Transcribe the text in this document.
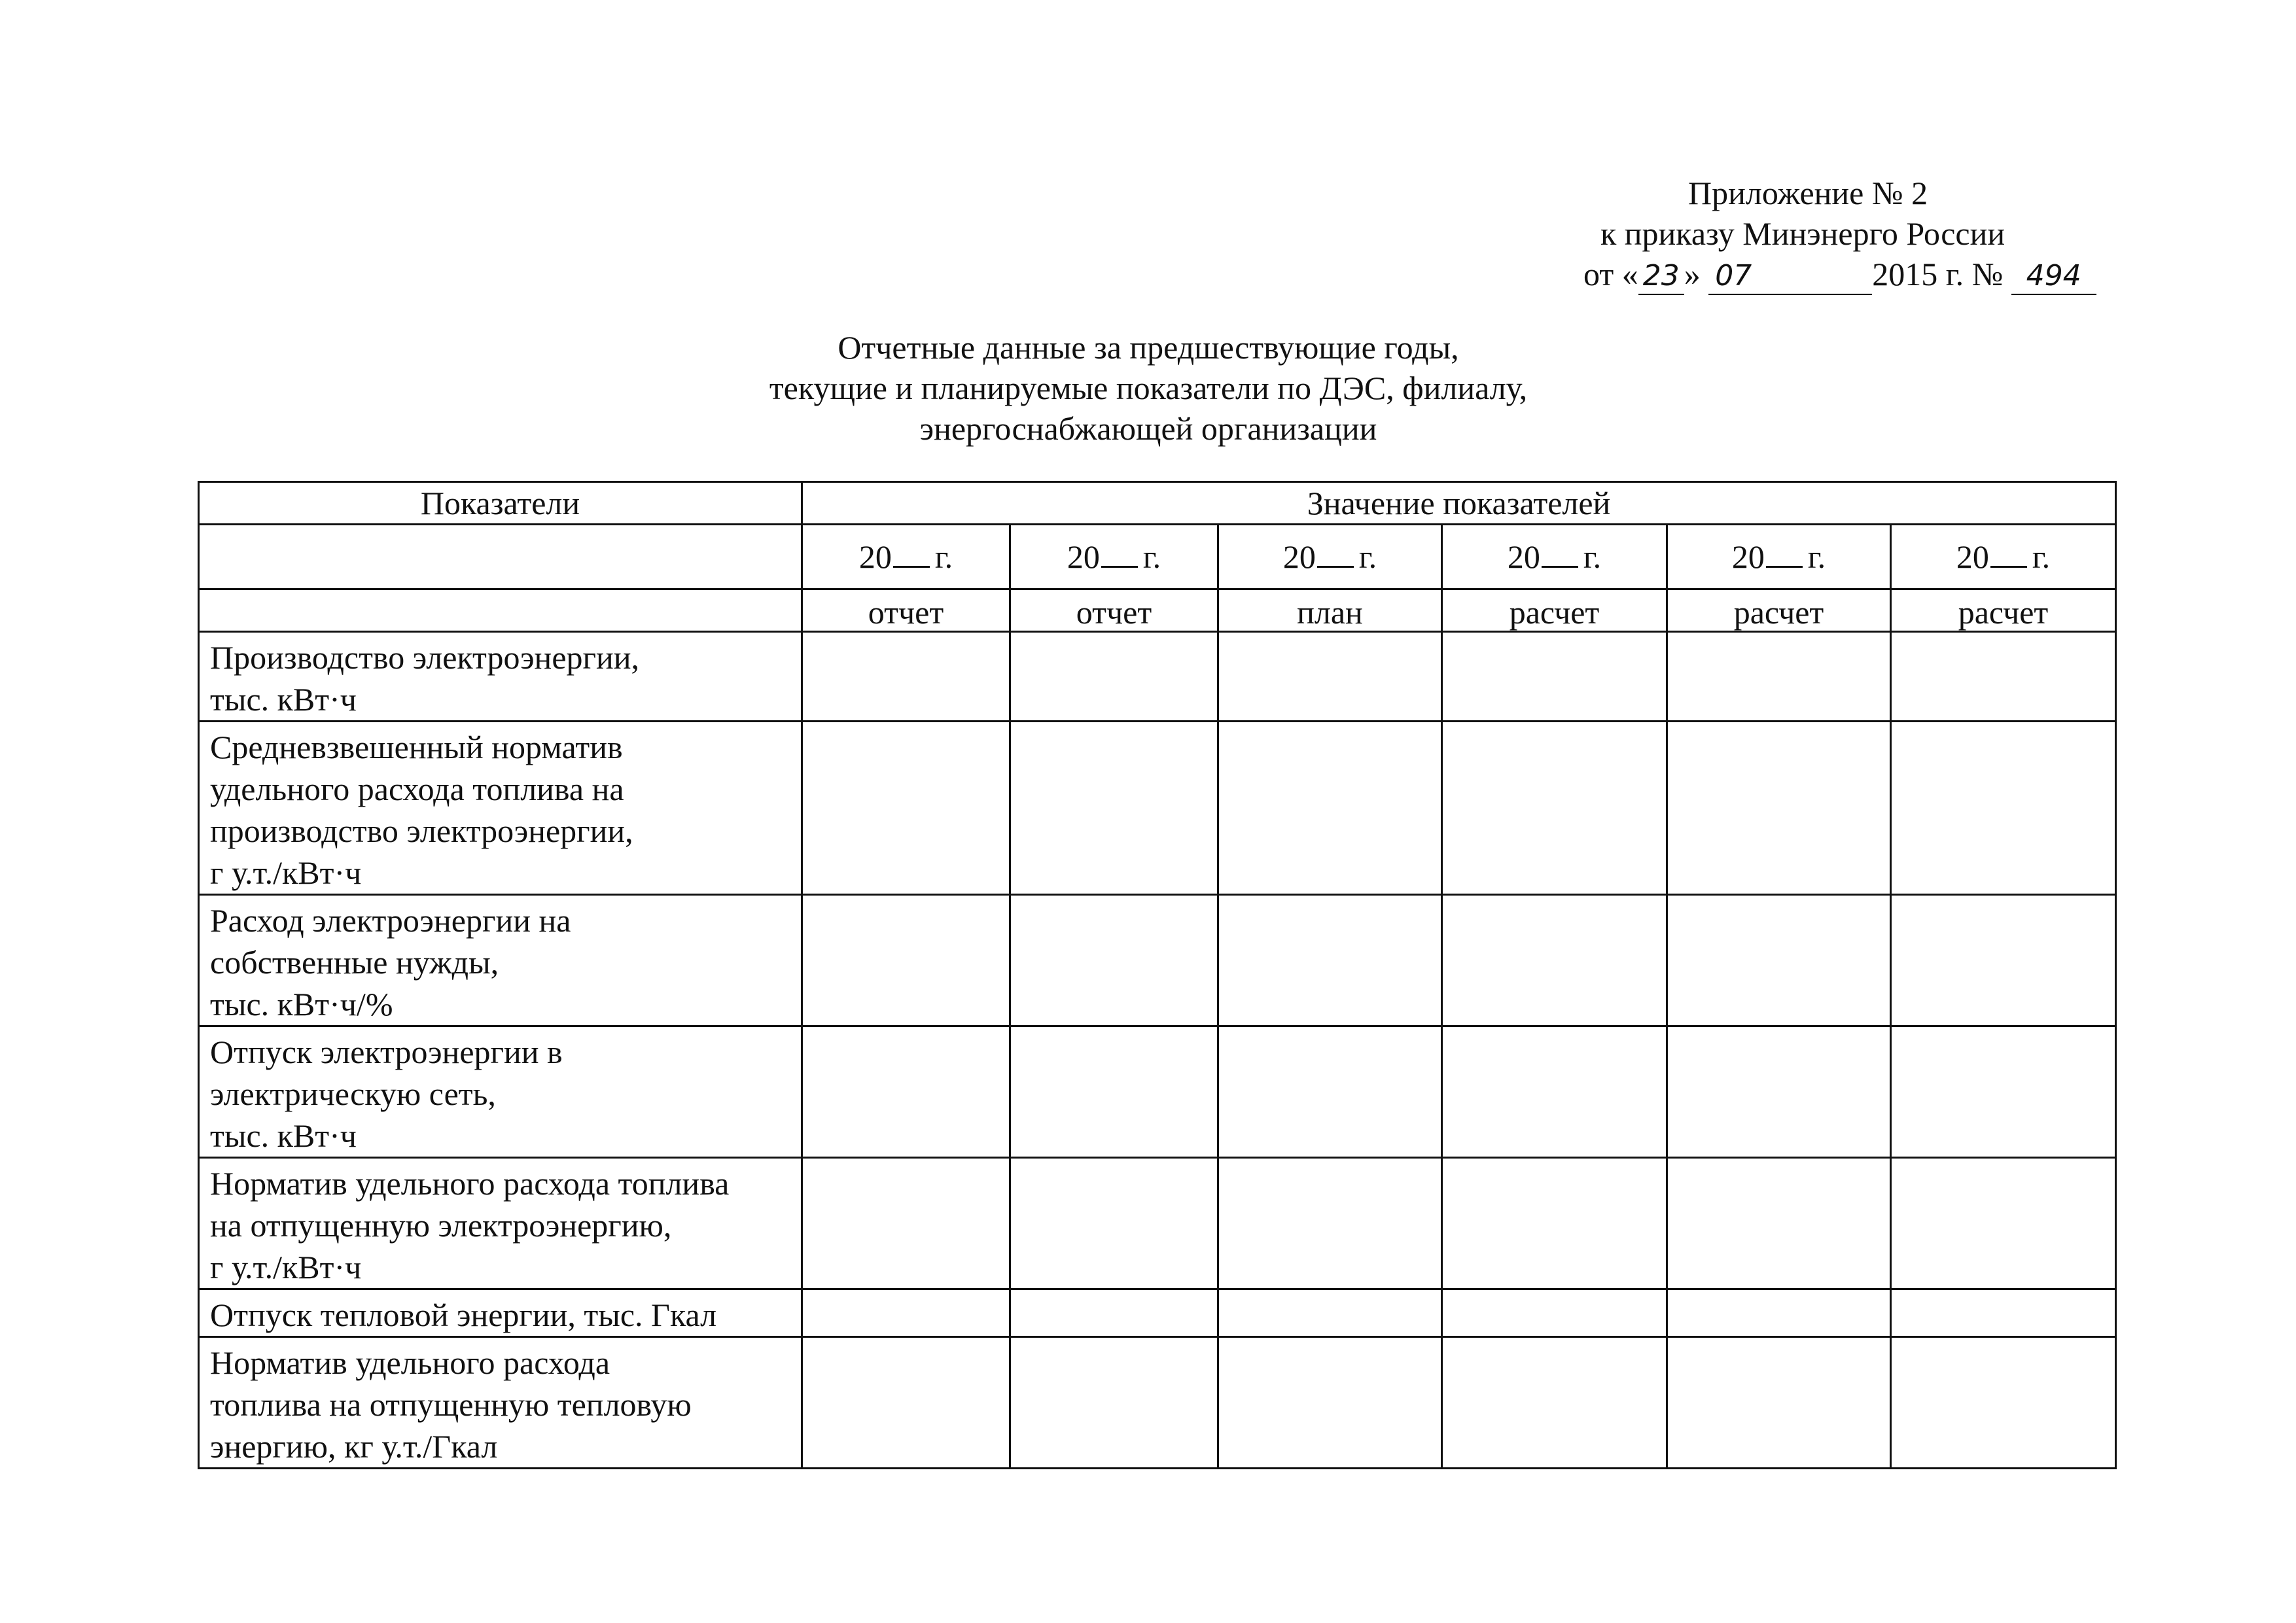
Приложение № 2
к приказу Минэнерго России
от « 23 » 07	2015 г. № 494
Отчетные данные за предшествующие годы,
текущие и планируемые показатели по ДЭС, филиалу,
энергоснабжающей организации
Показатели	Значение показателей					
	20 г.	20 г.	20 г.	20 г.	20 г.	20 г.
	отчет	отчет	план	расчет	расчет	расчет

Производство электроэнергии,
тыс. кВт·ч						

Средневзвешенный норматив
удельного расхода топлива на
производство электроэнергии,
г у.т./кВт·ч						

Расход электроэнергии на
собственные нужды,
тыс. кВт·ч/%						

Отпуск электроэнергии в
электрическую сеть,
тыс. кВт·ч						

Норматив удельного расхода топлива
на отпущенную электроэнергию,
г у.т./кВт·ч						

Отпуск тепловой энергии, тыс. Гкал						

Норматив удельного расхода
топлива на отпущенную тепловую
энергию, кг у.т./Гкал						
